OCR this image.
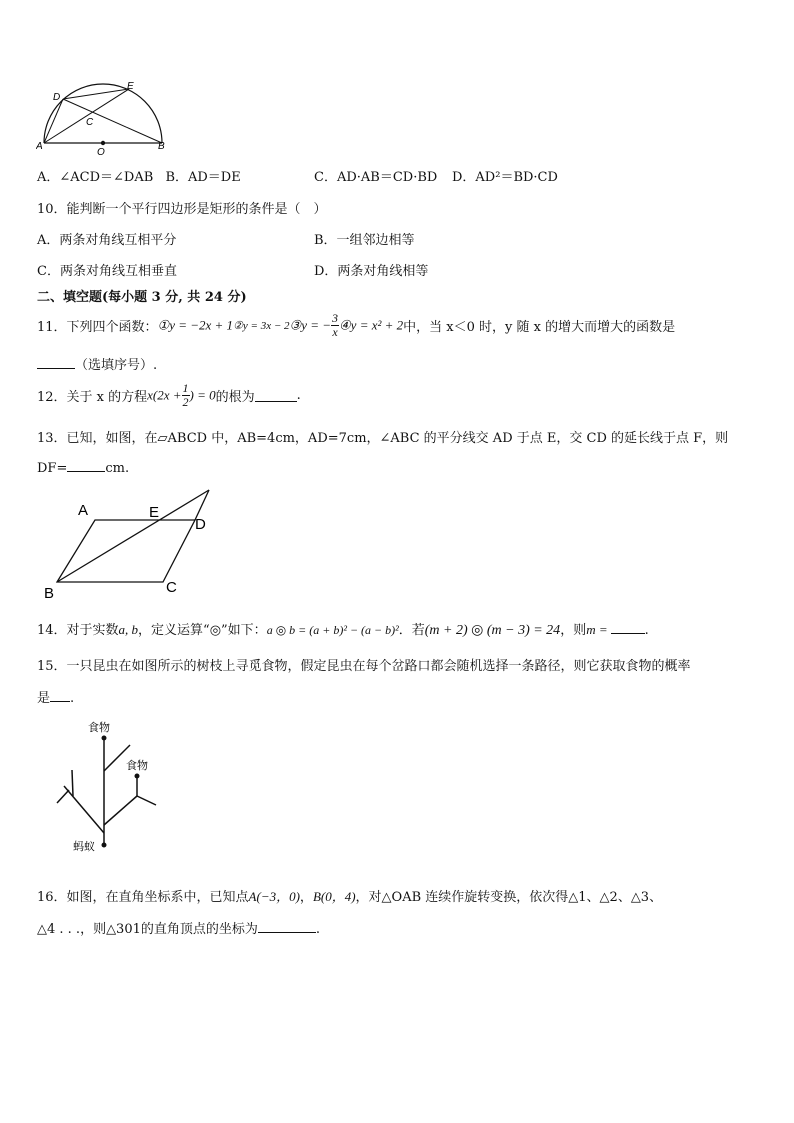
D
E
C
A	B
O
A．∠ACD＝∠DAB B．AD＝DE	C．AD·AB＝CD·BD D．AD²＝BD·CD
10．能判断一个平行四边形是矩形的条件是（　）
A．两条对角线互相平分	B．一组邻边相等
C．两条对角线互相垂直	D．两条对角线相等
二、填空题(每小题 3 分, 共 24 分)
11．下列四个函数：①y = −2x + 1②y = 3x − 2③y = − $\frac{3}{x}$ ④y = x² + 2中，当 x＜0 时，y 随 x 的增大而增大的函数是
（选填序号）.
12．关于 x 的方程$x(2x + \frac{1}{2}$ ) = 0的根为	.
13．已知，如图，在▱ABCD 中，AB=4cm，AD=7cm，∠ABC 的平分线交 AD 于点 E，交 CD 的延长线于点 F，则
DF=	cm.
A	E
D
B	C
14．对于实数a, b，定义运算“◎”如下：a ◎ b = (a + b)² − (a − b)²．若(m + 2) ◎ (m − 3) = 24，则m =	.
15．一只昆虫在如图所示的树枝上寻觅食物，假定昆虫在每个岔路口都会随机选择一条路径，则它获取食物的概率
是 .
食物
食物
蚂蚁
16．如图，在直角坐标系中，已知点A(−3，0)，B(0，4)，对△OAB 连续作旋转变换，依次得△1、△2、△3、
△4 . . .，则△301的直角顶点的坐标为	.
